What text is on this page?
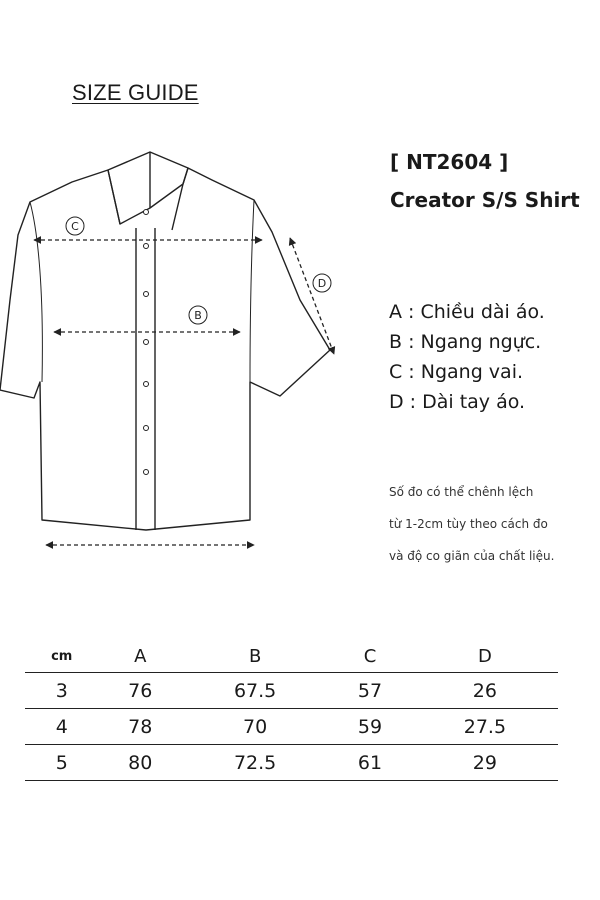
SIZE GUIDE
C
B
D
[ NT2604 ]
Creator S/S Shirt
A : Chiều dài áo.
B : Ngang ngực.
C : Ngang vai.
D : Dài tay áo.
Số đo có thể chênh lệch
từ 1-2cm tùy theo cách đo
và độ co giãn của chất liệu.
cm	A	B	C	D
3	76	67.5	57	26
4	78	70	59	27.5
5	80	72.5	61	29
